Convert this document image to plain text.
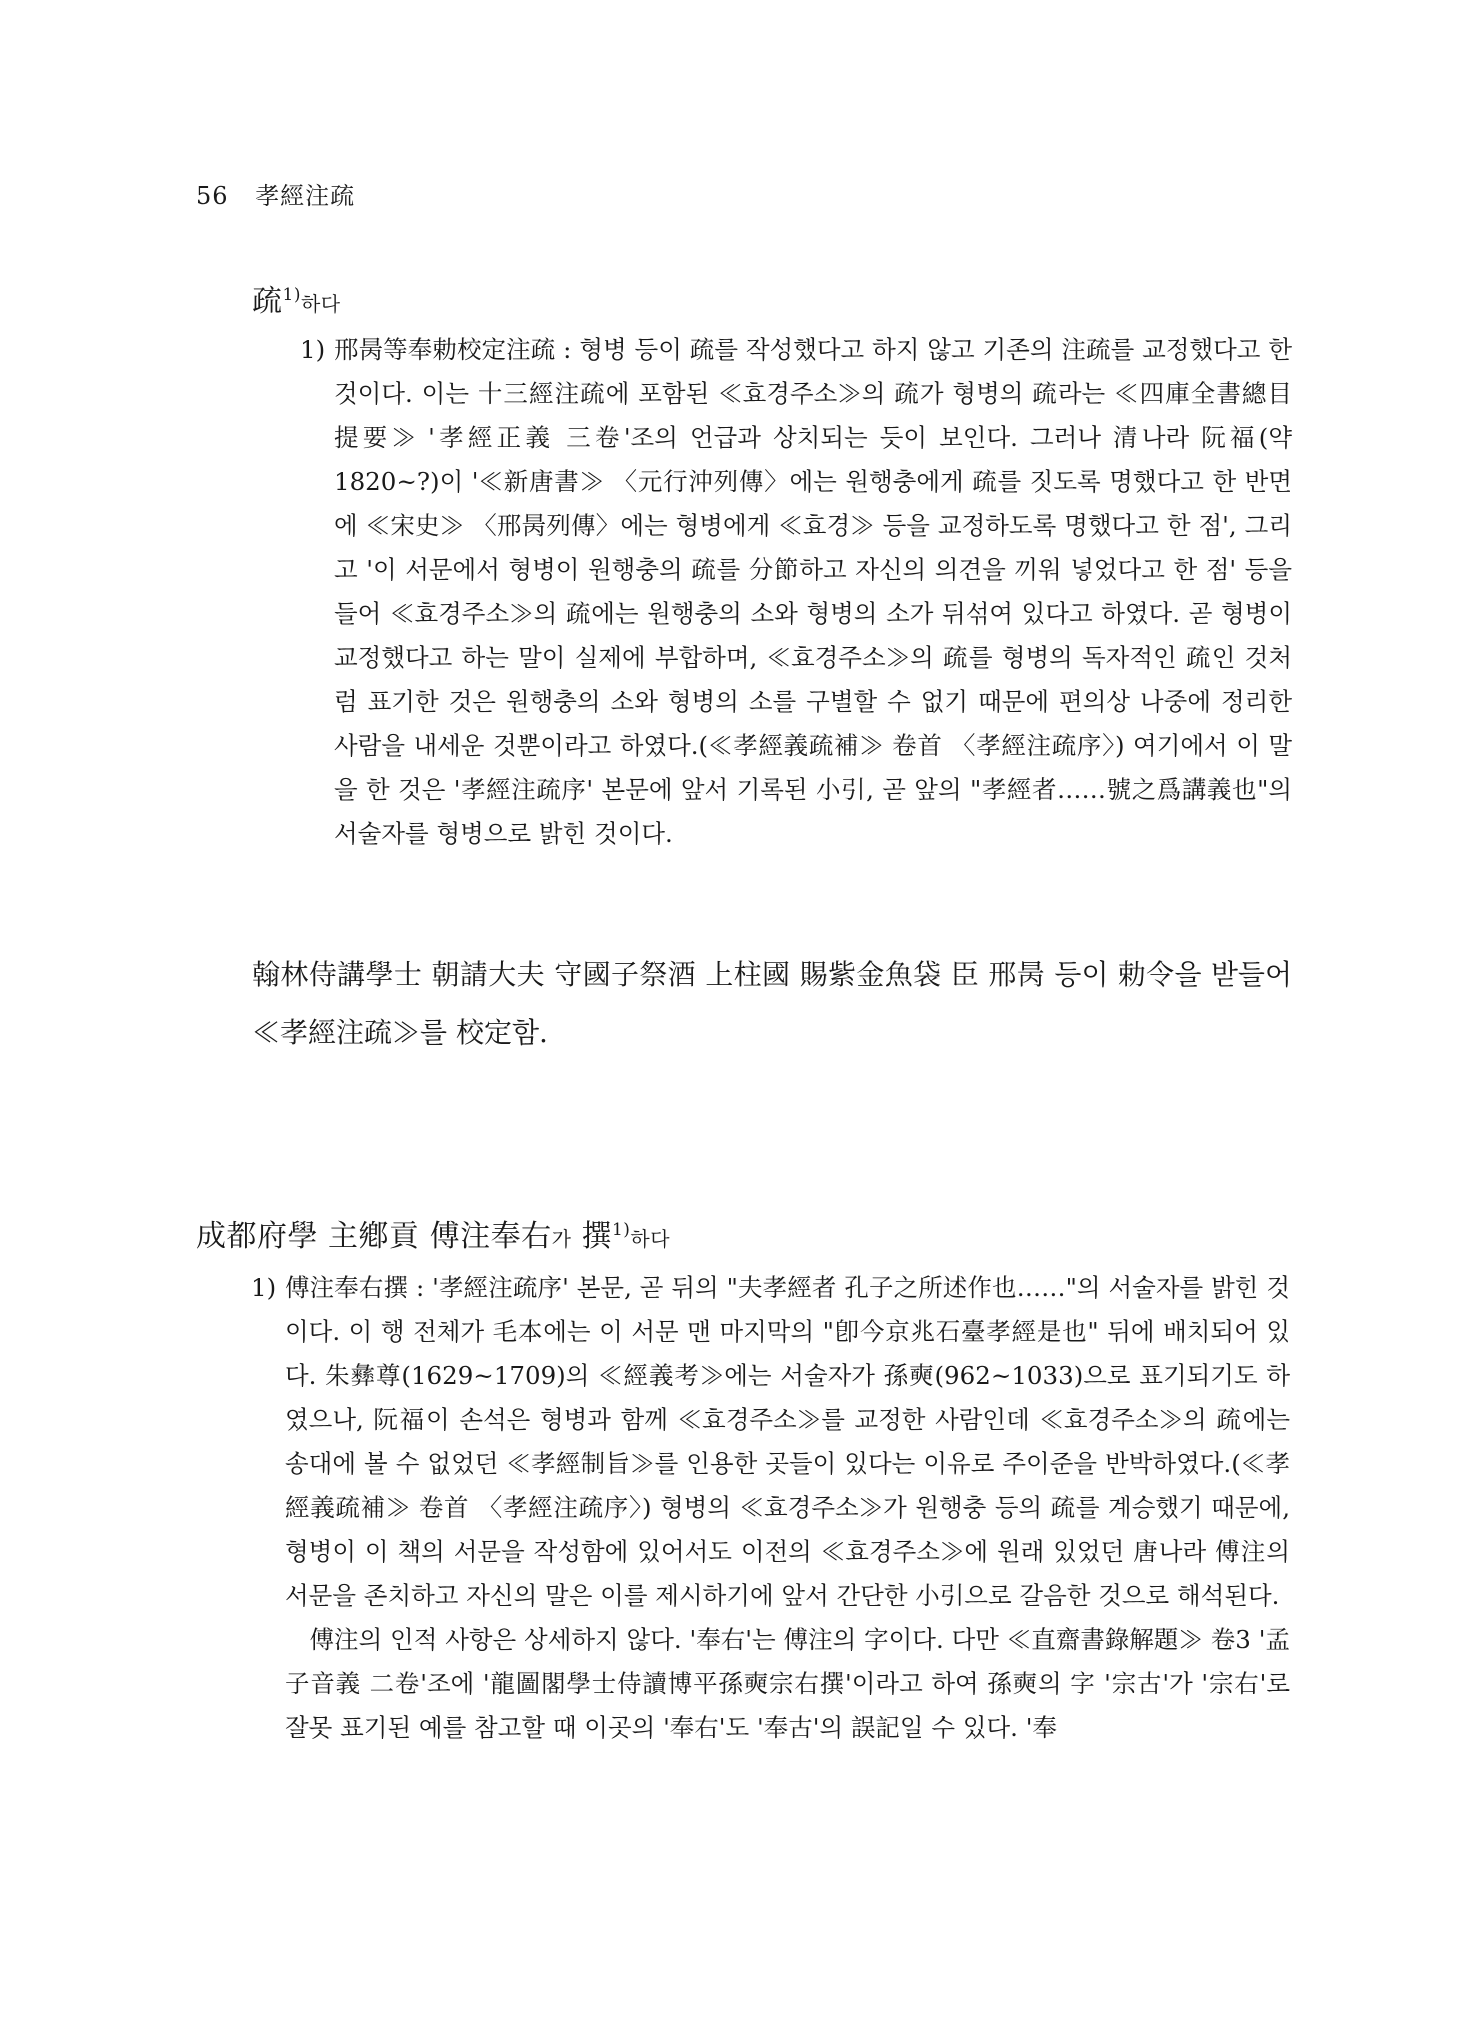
56 孝經注疏
疏$^{1)}$하다
1) 邢昺等奉勅校定注疏 : 형병 등이 疏를 작성했다고 하지 않고 기존의 注疏를 교정했다고 한 것이다. 이는 十三經注疏에 포함된 ≪효경주소≫의 疏가 형병의 疏라는 ≪四庫全書總目提要≫ '孝經正義 三卷'조의 언급과 상치되는 듯이 보인다. 그러나 清나라 阮福(약 1820~?)이 '≪新唐書≫ 〈元行沖列傳〉에는 원행충에게 疏를 짓도록 명했다고 한 반면에 ≪宋史≫ 〈邢昺列傳〉에는 형병에게 ≪효경≫ 등을 교정하도록 명했다고 한 점', 그리고 '이 서문에서 형병이 원행충의 疏를 分節하고 자신의 의견을 끼워 넣었다고 한 점' 등을 들어 ≪효경주소≫의 疏에는 원행충의 소와 형병의 소가 뒤섞여 있다고 하였다. 곧 형병이 교정했다고 하는 말이 실제에 부합하며, ≪효경주소≫의 疏를 형병의 독자적인 疏인 것처럼 표기한 것은 원행충의 소와 형병의 소를 구별할 수 없기 때문에 편의상 나중에 정리한 사람을 내세운 것뿐이라고 하였다.(≪孝經義疏補≫ 卷首 〈孝經注疏序〉) 여기에서 이 말을 한 것은 '孝經注疏序' 본문에 앞서 기록된 小引, 곧 앞의 "孝經者……號之爲講義也"의 서술자를 형병으로 밝힌 것이다.

翰林侍講學士 朝請大夫 守國子祭酒 上柱國 賜紫金魚袋 臣 邢昺 등이 勅令을 받들어 ≪孝經注疏≫를 校定함.

成都府學 主鄕貢 傅注奉右가 撰$^{1)}$하다
1) 傅注奉右撰 : '孝經注疏序' 본문, 곧 뒤의 "夫孝經者 孔子之所述作也……"의 서술자를 밝힌 것이다. 이 행 전체가 毛本에는 이 서문 맨 마지막의 "卽今京兆石臺孝經是也" 뒤에 배치되어 있다. 朱彝尊(1629~1709)의 ≪經義考≫에는 서술자가 孫奭(962~1033)으로 표기되기도 하였으나, 阮福이 손석은 형병과 함께 ≪효경주소≫를 교정한 사람인데 ≪효경주소≫의 疏에는 송대에 볼 수 없었던 ≪孝經制旨≫를 인용한 곳들이 있다는 이유로 주이준을 반박하였다.(≪孝經義疏補≫ 卷首 〈孝經注疏序〉) 형병의 ≪효경주소≫가 원행충 등의 疏를 계승했기 때문에, 형병이 이 책의 서문을 작성함에 있어서도 이전의 ≪효경주소≫에 원래 있었던 唐나라 傅注의 서문을 존치하고 자신의 말은 이를 제시하기에 앞서 간단한 小引으로 갈음한 것으로 해석된다.

傅注의 인적 사항은 상세하지 않다. '奉右'는 傅注의 字이다. 다만 ≪直齋書錄解題≫ 卷3 '孟子音義 二卷'조에 '龍圖閣學士侍讀博平孫奭宗右撰'이라고 하여 孫奭의 字 '宗古'가 '宗右'로 잘못 표기된 예를 참고할 때 이곳의 '奉右'도 '奉古'의 誤記일 수 있다. '奉
